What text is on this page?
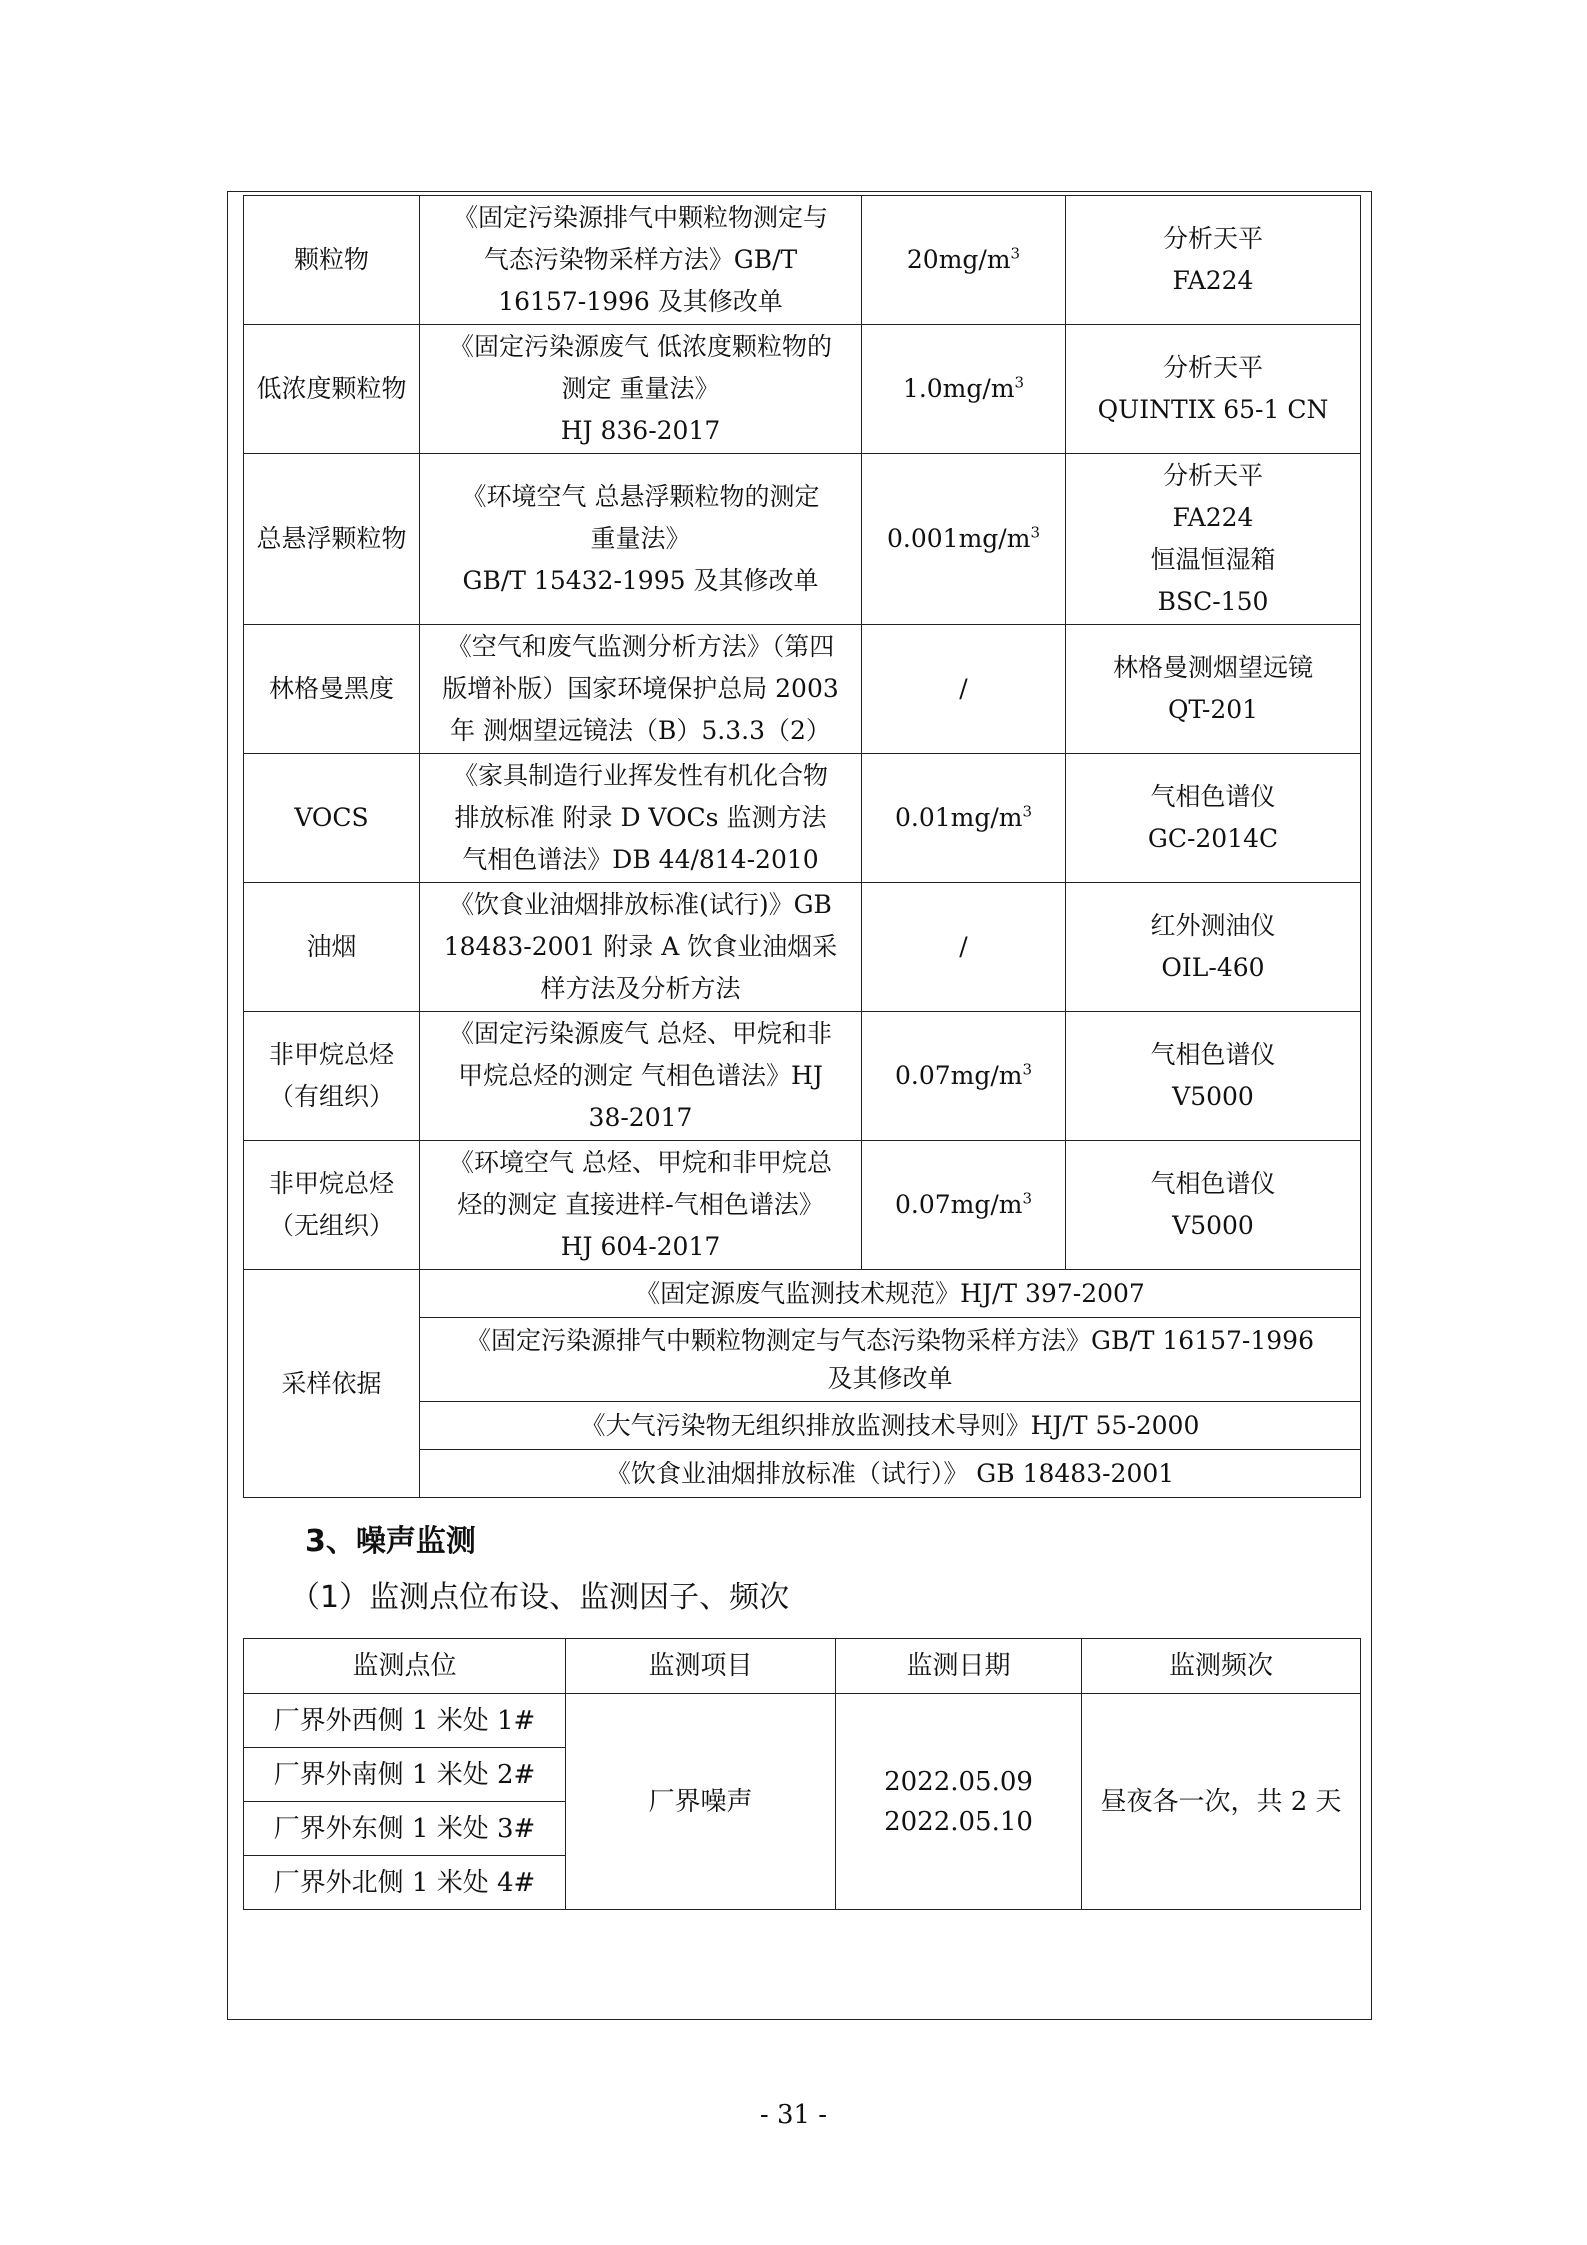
颗粒物	《固定污染源排气中颗粒物测定与
气态污染物采样方法》GB/T
16157-1996 及其修改单	$20mg/m^3$	分析天平
FA224

低浓度颗粒物	《固定污染源废气 低浓度颗粒物的
测定 重量法》
HJ 836-2017	$1.0mg/m^3$	分析天平
QUINTIX 65-1 CN

总悬浮颗粒物	《环境空气 总悬浮颗粒物的测定
重量法》
GB/T 15432-1995 及其修改单	$0.001mg/m^3$	分析天平
FA224
恒温恒湿箱
BSC-150

林格曼黑度	《空气和废气监测分析方法》（第四
版增补版）国家环境保护总局 2003
年 测烟望远镜法（B）5.3.3（2）	/	林格曼测烟望远镜
QT-201

VOCS	《家具制造行业挥发性有机化合物
排放标准 附录 D VOCs 监测方法
气相色谱法》DB 44/814-2010	$0.01mg/m^3$	气相色谱仪
GC-2014C

油烟	《饮食业油烟排放标准(试行)》GB
18483-2001 附录 A 饮食业油烟采
样方法及分析方法	/	红外测油仪
OIL-460

非甲烷总烃
（有组织）	《固定污染源废气 总烃、甲烷和非
甲烷总烃的测定 气相色谱法》HJ
38-2017	$0.07mg/m^3$	气相色谱仪
V5000

非甲烷总烃
（无组织）	《环境空气 总烃、甲烷和非甲烷总
烃的测定 直接进样-气相色谱法》
HJ 604-2017	$0.07mg/m^3$	气相色谱仪
V5000

采样依据	《固定源废气监测技术规范》HJ/T 397-2007		

	《固定污染源排气中颗粒物测定与气态污染物采样方法》GB/T 16157-1996
及其修改单		

	《大气污染物无组织排放监测技术导则》HJ/T 55-2000		

	《饮食业油烟排放标准（试行）》 GB 18483-2001		
3、噪声监测
（1）监测点位布设、监测因子、频次
监测点位	监测项目	监测日期	监测频次
厂界外西侧 1 米处 1#	厂界噪声	2022.05.09
2022.05.10	昼夜各一次，共 2 天
厂界外南侧 1 米处 2#			
厂界外东侧 1 米处 3#			
厂界外北侧 1 米处 4#			
- 31 -
